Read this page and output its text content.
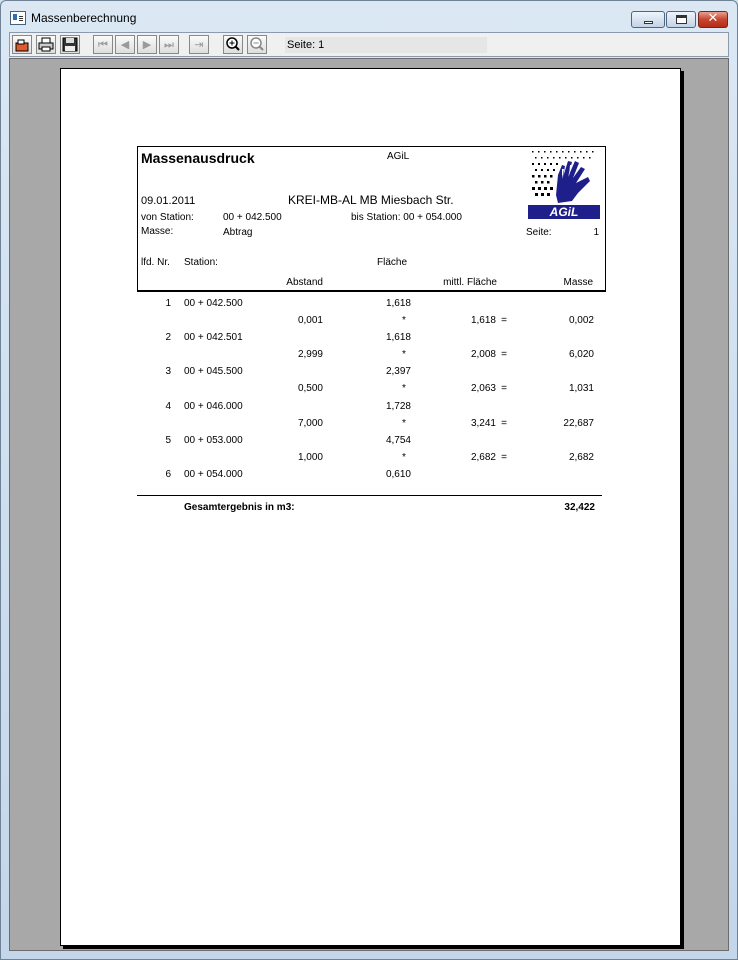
Massenberechnung	✕
⏮	◀	▶	⏭	⇥	Seite: 1
Massenausdruck	AGiL
AGiL
09.01.2011	KREI-MB-AL MB Miesbach Str.
von Station:	00 + 042.500	bis Station: 00 + 054.000
Masse:	Abtrag	Seite:	1
lfd. Nr. Station:	Fläche
Abstand	mittl. Fläche	Masse
1 00 + 042.500	1,618
0,001	*	1,618 =	0,002
2 00 + 042.501	1,618
2,999	*	2,008 =	6,020
3 00 + 045.500	2,397
0,500	*	2,063 =	1,031
4 00 + 046.000	1,728
7,000	*	3,241 =	22,687
5 00 + 053.000	4,754
1,000	*	2,682 =	2,682
6 00 + 054.000	0,610
Gesamtergebnis in m3:	32,422
